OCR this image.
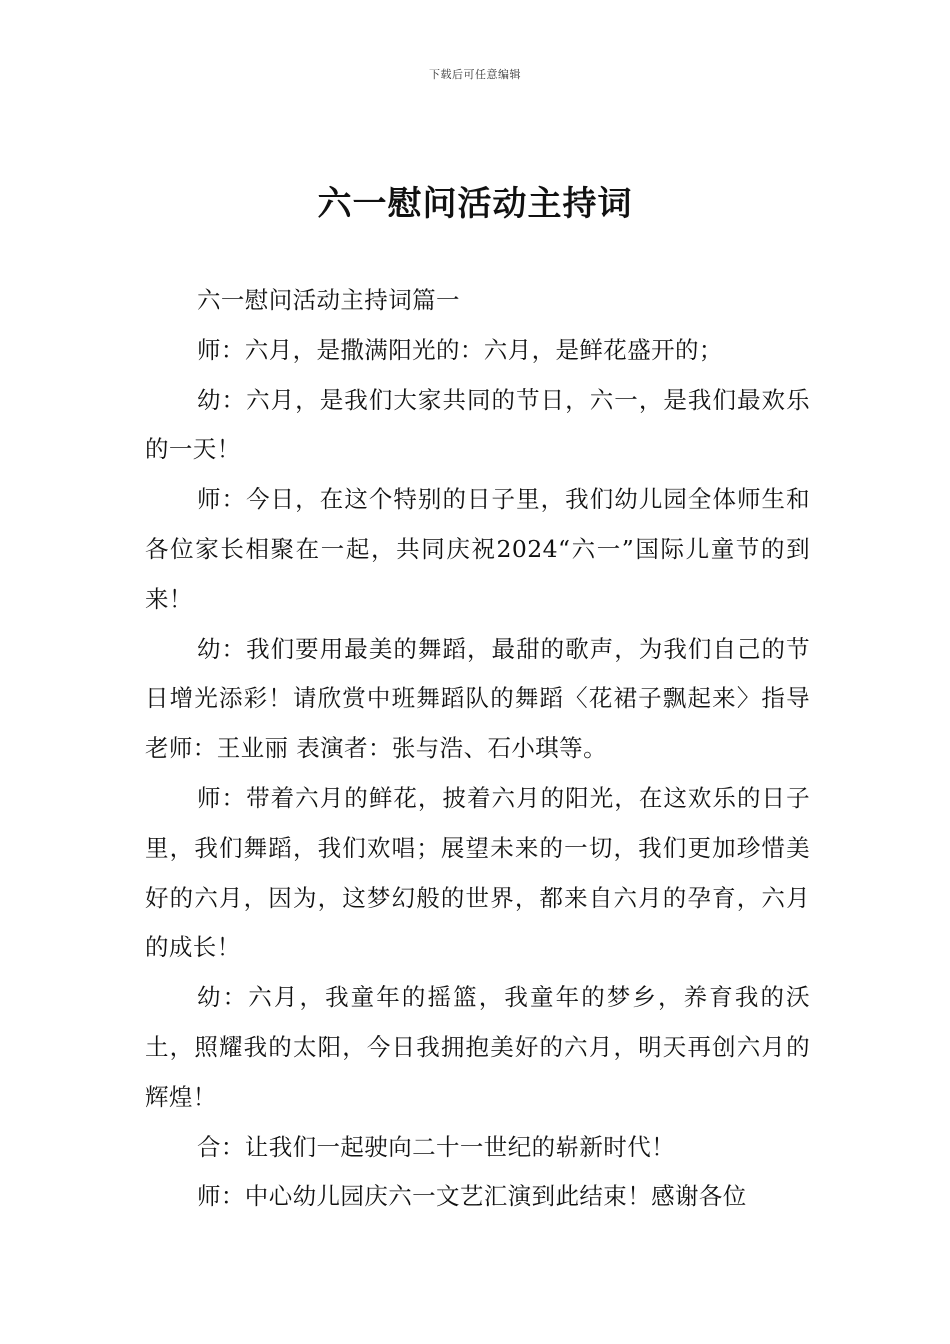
下载后可任意编辑
六一慰问活动主持词

六一慰问活动主持词篇一

师：六月，是撒满阳光的：六月，是鲜花盛开的；

幼：六月，是我们大家共同的节日，六一，是我们最欢乐的一天！

师：今日，在这个特别的日子里，我们幼儿园全体师生和各位家长相聚在一起，共同庆祝2024“六一”国际儿童节的到来！

幼：我们要用最美的舞蹈，最甜的歌声，为我们自己的节日增光添彩！请欣赏中班舞蹈队的舞蹈〈花裙子飘起来〉指导老师：王业丽 表演者：张与浩、石小琪等。

师：带着六月的鲜花，披着六月的阳光，在这欢乐的日子里，我们舞蹈，我们欢唱；展望未来的一切，我们更加珍惜美好的六月，因为，这梦幻般的世界，都来自六月的孕育，六月的成长！

幼：六月，我童年的摇篮，我童年的梦乡，养育我的沃土，照耀我的太阳，今日我拥抱美好的六月，明天再创六月的辉煌！

合：让我们一起驶向二十一世纪的崭新时代！

师：中心幼儿园庆六一文艺汇演到此结束！感谢各位
